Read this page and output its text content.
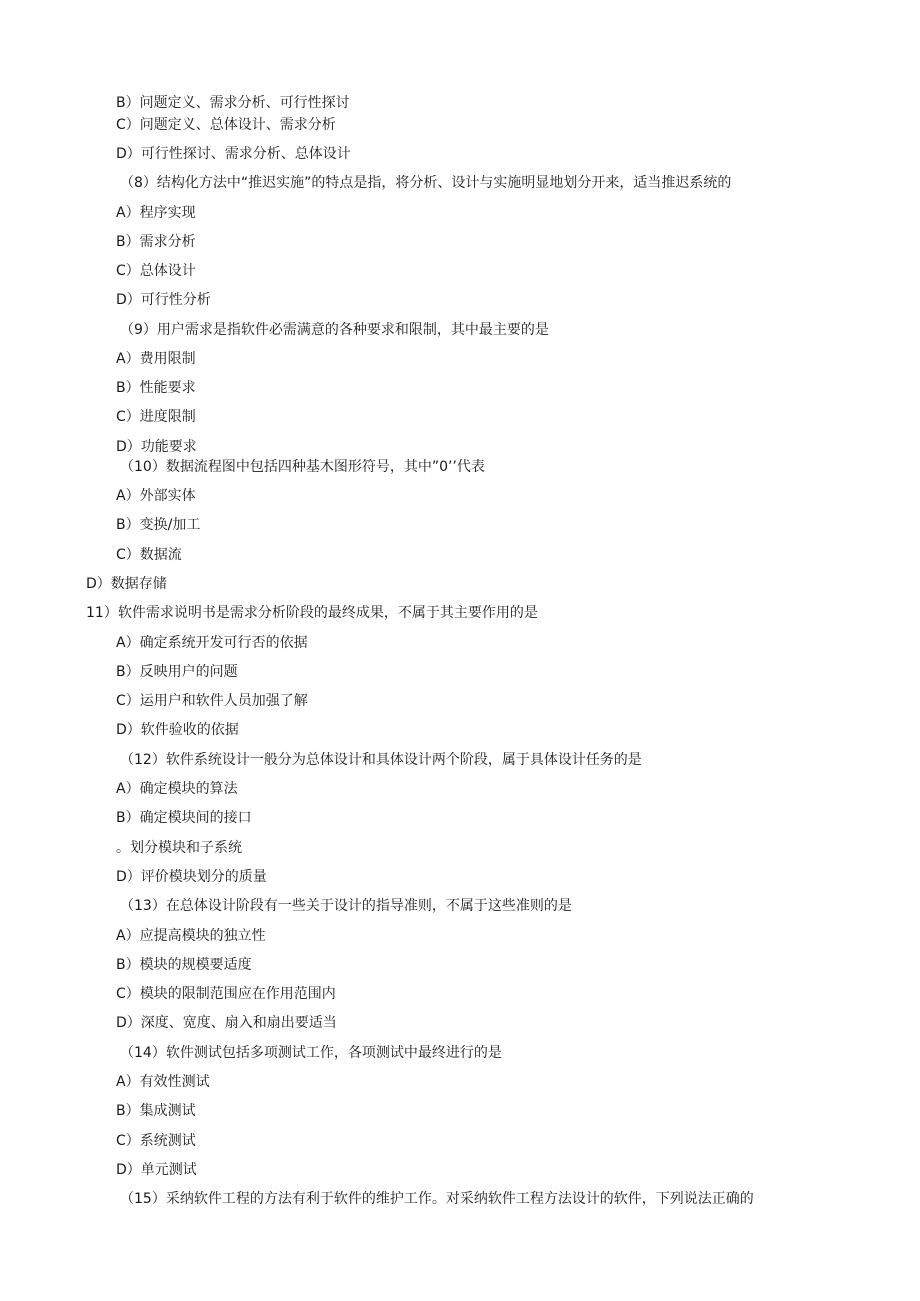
B）问题定义、需求分析、可行性探讨
C）问题定义、总体设计、需求分析
D）可行性探讨、需求分析、总体设计
（8）结构化方法中“推迟实施”的特点是指，将分析、设计与实施明显地划分开来，适当推迟系统的
A）程序实现
B）需求分析
C）总体设计
D）可行性分析
（9）用户需求是指软件必需满意的各种要求和限制，其中最主要的是
A）费用限制
B）性能要求
C）进度限制
D）功能要求
（10）数据流程图中包括四种基木图形符号，其中”0’’代表
A）外部实体
B）变换/加工
C）数据流
D）数据存储
11）软件需求说明书是需求分析阶段的最终成果，不属于其主要作用的是
A）确定系统开发可行否的依据
B）反映用户的问题
C）运用户和软件人员加强了解
D）软件验收的依据
（12）软件系统设计一般分为总体设计和具体设计两个阶段，属于具体设计任务的是
A）确定模块的算法
B）确定模块间的接口
。划分模块和子系统
D）评价模块划分的质量
（13）在总体设计阶段有一些关于设计的指导准则，不属于这些准则的是
A）应提高模块的独立性
B）模块的规模要适度
C）模块的限制范围应在作用范围内
D）深度、宽度、扇入和扇出要适当
（14）软件测试包括多项测试工作，各项测试中最终进行的是
A）有效性测试
B）集成测试
C）系统测试
D）单元测试
（15）采纳软件工程的方法有利于软件的维护工作。对采纳软件工程方法设计的软件，下列说法正确的
